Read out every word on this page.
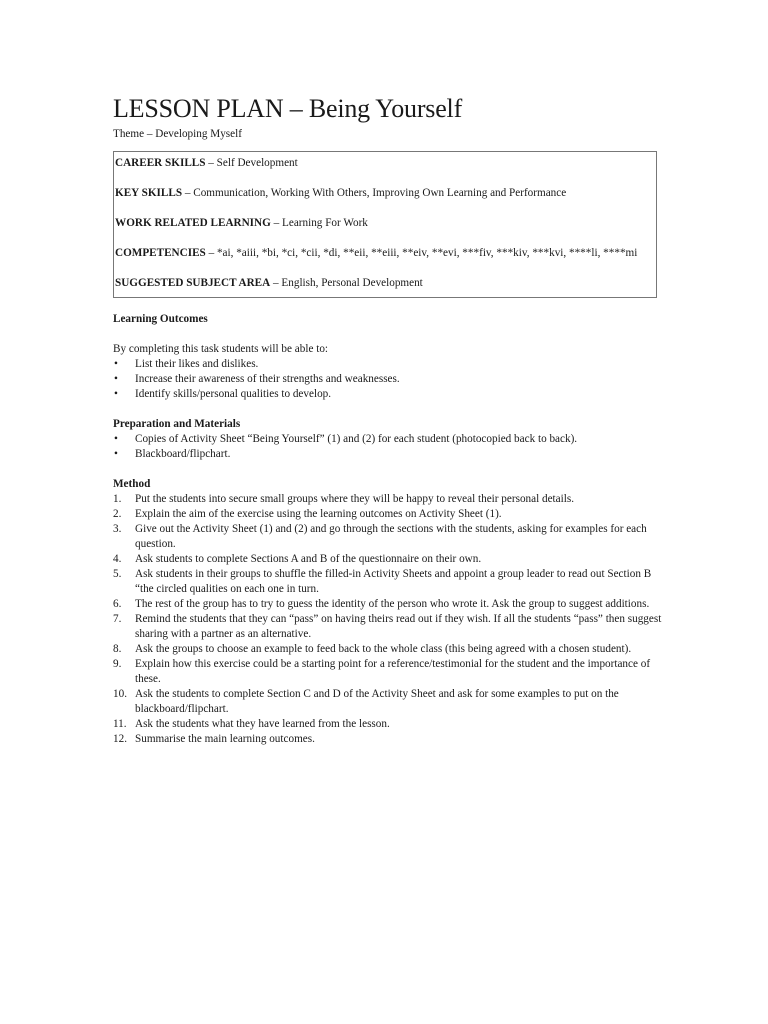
LESSON PLAN – Being Yourself

Theme – Developing Myself

CAREER SKILLS – Self Development

KEY SKILLS – Communication, Working With Others, Improving Own Learning and Performance

WORK RELATED LEARNING – Learning For Work

COMPETENCIES – *ai, *aiii, *bi, *ci, *cii, *di, **eii, **eiii, **eiv, **evi, ***fiv, ***kiv, ***kvi, ****li, ****mi

SUGGESTED SUBJECT AREA – English, Personal Development

Learning Outcomes

By completing this task students will be able to:

• List their likes and dislikes.
• Increase their awareness of their strengths and weaknesses.
• Identify skills/personal qualities to develop.

Preparation and Materials

• Copies of Activity Sheet “Being Yourself” (1) and (2) for each student (photocopied back to back).
• Blackboard/flipchart.

Method

1. Put the students into secure small groups where they will be happy to reveal their personal details.
2. Explain the aim of the exercise using the learning outcomes on Activity Sheet (1).
3. Give out the Activity Sheet (1) and (2) and go through the sections with the students, asking for examples for each question.
4. Ask students to complete Sections A and B of the questionnaire on their own.
5. Ask students in their groups to shuffle the filled-in Activity Sheets and appoint a group leader to read out Section B “the circled qualities on each one in turn.
6. The rest of the group has to try to guess the identity of the person who wrote it. Ask the group to suggest additions.
7. Remind the students that they can “pass” on having theirs read out if they wish. If all the students “pass” then suggest sharing with a partner as an alternative.
8. Ask the groups to choose an example to feed back to the whole class (this being agreed with a chosen student).
9. Explain how this exercise could be a starting point for a reference/testimonial for the student and the importance of these.
10. Ask the students to complete Section C and D of the Activity Sheet and ask for some examples to put on the blackboard/flipchart.
11. Ask the students what they have learned from the lesson.
12. Summarise the main learning outcomes.
